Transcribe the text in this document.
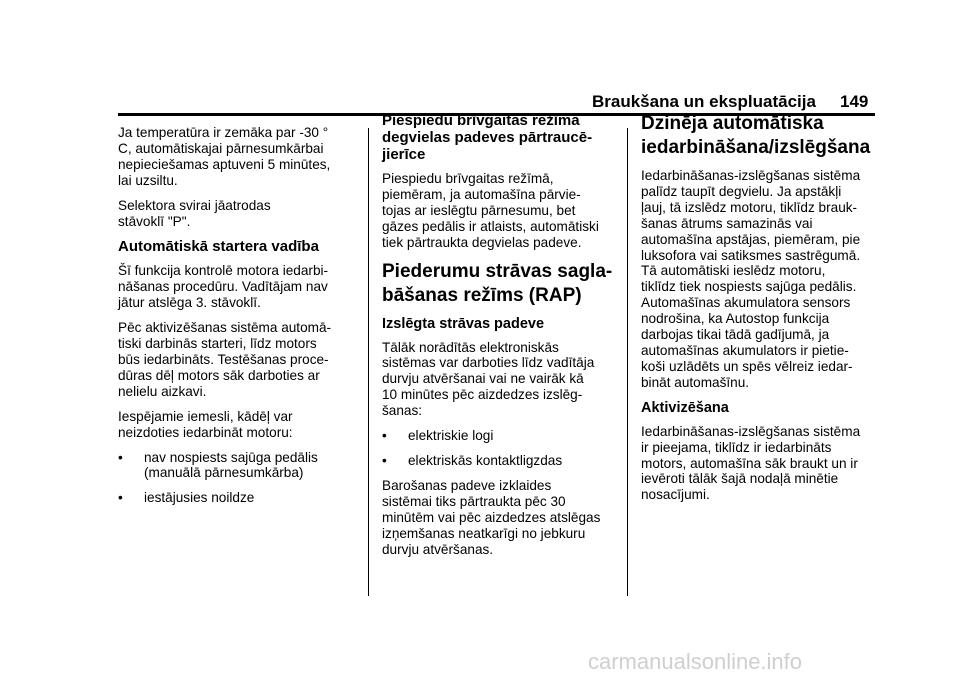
Braukšana un ekspluatācija 149

Ja temperatūra ir zemāka par -30 °
C, automātiskajai pārnesumkārbai
nepieciešamas aptuveni 5 minūtes,
lai uzsiltu.

Selektora svirai jāatrodas
stāvoklī "P".

Automātiskā startera vadība

Šī funkcija kontrolē motora iedarbi-
nāšanas procedūru. Vadītājam nav
jātur atslēga 3. stāvoklī.

Pēc aktivizēšanas sistēma automā-
tiski darbinās starteri, līdz motors
būs iedarbināts. Testēšanas proce-
dūras dēļ motors sāk darboties ar
nelielu aizkavi.

Iespējamie iemesli, kādēļ var
neizdoties iedarbināt motoru:

•	nav nospiests sajūga pedālis
(manuālā pārnesumkārba)
•	iestājusies noildze
Piespiedu brīvgaitas režīma
degvielas padeves pārtraucē-
jierīce

Piespiedu brīvgaitas režīmā,
piemēram, ja automašīna pārvie-
tojas ar ieslēgtu pārnesumu, bet
gāzes pedālis ir atlaists, automātiski
tiek pārtraukta degvielas padeve.

Piederumu strāvas sagla-
bāšanas režīms (RAP)
Izslēgta strāvas padeve

Tālāk norādītās elektroniskās
sistēmas var darboties līdz vadītāja
durvju atvēršanai vai ne vairāk kā
10 minūtes pēc aizdedzes izslēg-
šanas:

•	elektriskie logi
•	elektriskās kontaktligzdas

Barošanas padeve izklaides
sistēmai tiks pārtraukta pēc 30
minūtēm vai pēc aizdedzes atslēgas
izņemšanas neatkarīgi no jebkuru
durvju atvēršanas.

Dzinēja automātiska
iedarbināšana/izslēgšana

Iedarbināšanas-izslēgšanas sistēma
palīdz taupīt degvielu. Ja apstākļi
ļauj, tā izslēdz motoru, tiklīdz brauk-
šanas ātrums samazinās vai
automašīna apstājas, piemēram, pie
luksofora vai satiksmes sastrēgumā.
Tā automātiski ieslēdz motoru,
tiklīdz tiek nospiests sajūga pedālis.
Automašīnas akumulatora sensors
nodrošina, ka Autostop funkcija
darbojas tikai tādā gadījumā, ja
automašīnas akumulators ir pietie-
koši uzlādēts un spēs vēlreiz iedar-
bināt automašīnu.

Aktivizēšana

Iedarbināšanas-izslēgšanas sistēma
ir pieejama, tiklīdz ir iedarbināts
motors, automašīna sāk braukt un ir
ievēroti tālāk šajā nodaļā minētie
nosacījumi.

carmanualsonline.info
